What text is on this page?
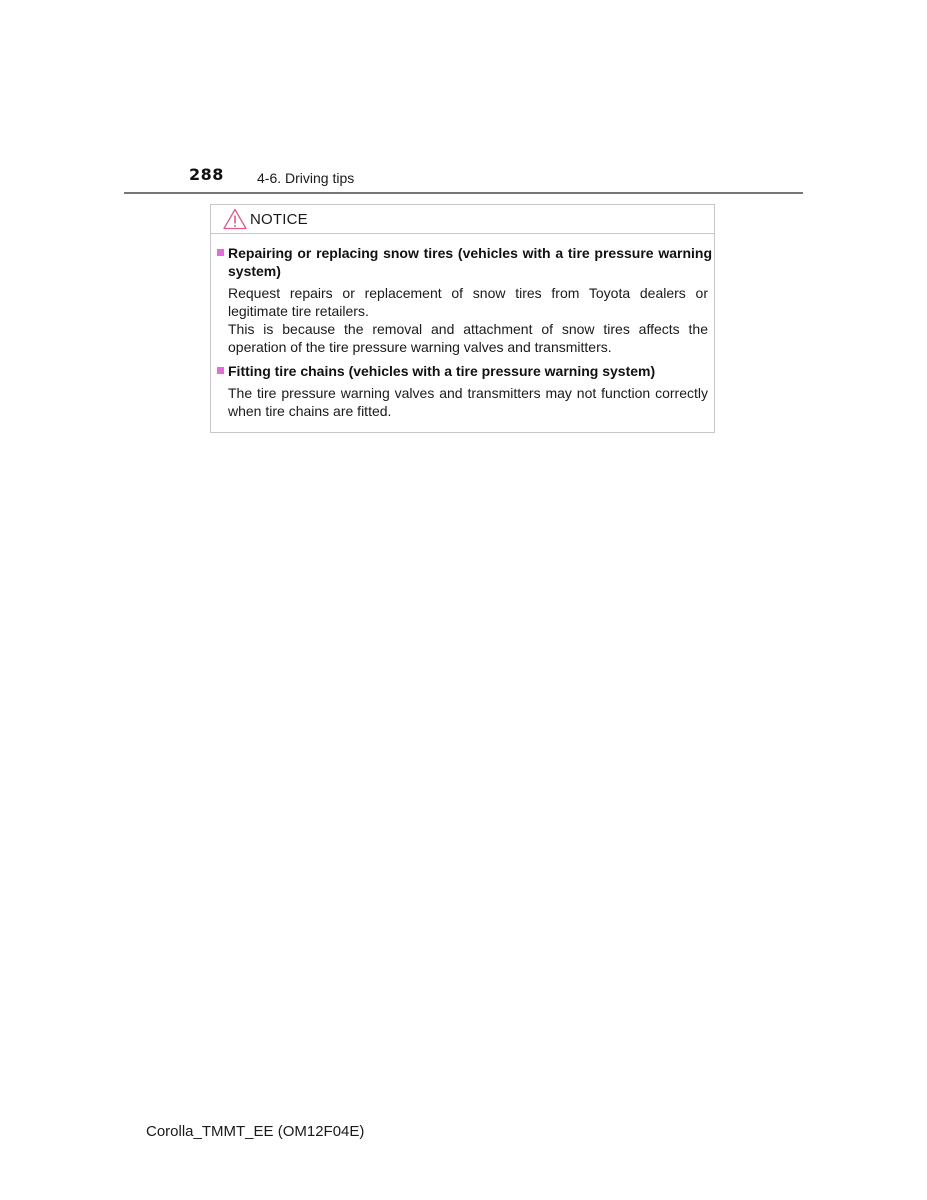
288 4-6. Driving tips
NOTICE
Repairing or replacing snow tires (vehicles with a tire pressure warning system)

Request repairs or replacement of snow tires from Toyota dealers or legitimate tire retailers.

This is because the removal and attachment of snow tires affects the operation of the tire pressure warning valves and transmitters.

Fitting tire chains (vehicles with a tire pressure warning system)

The tire pressure warning valves and transmitters may not function correctly when tire chains are fitted.

Corolla_TMMT_EE (OM12F04E)
